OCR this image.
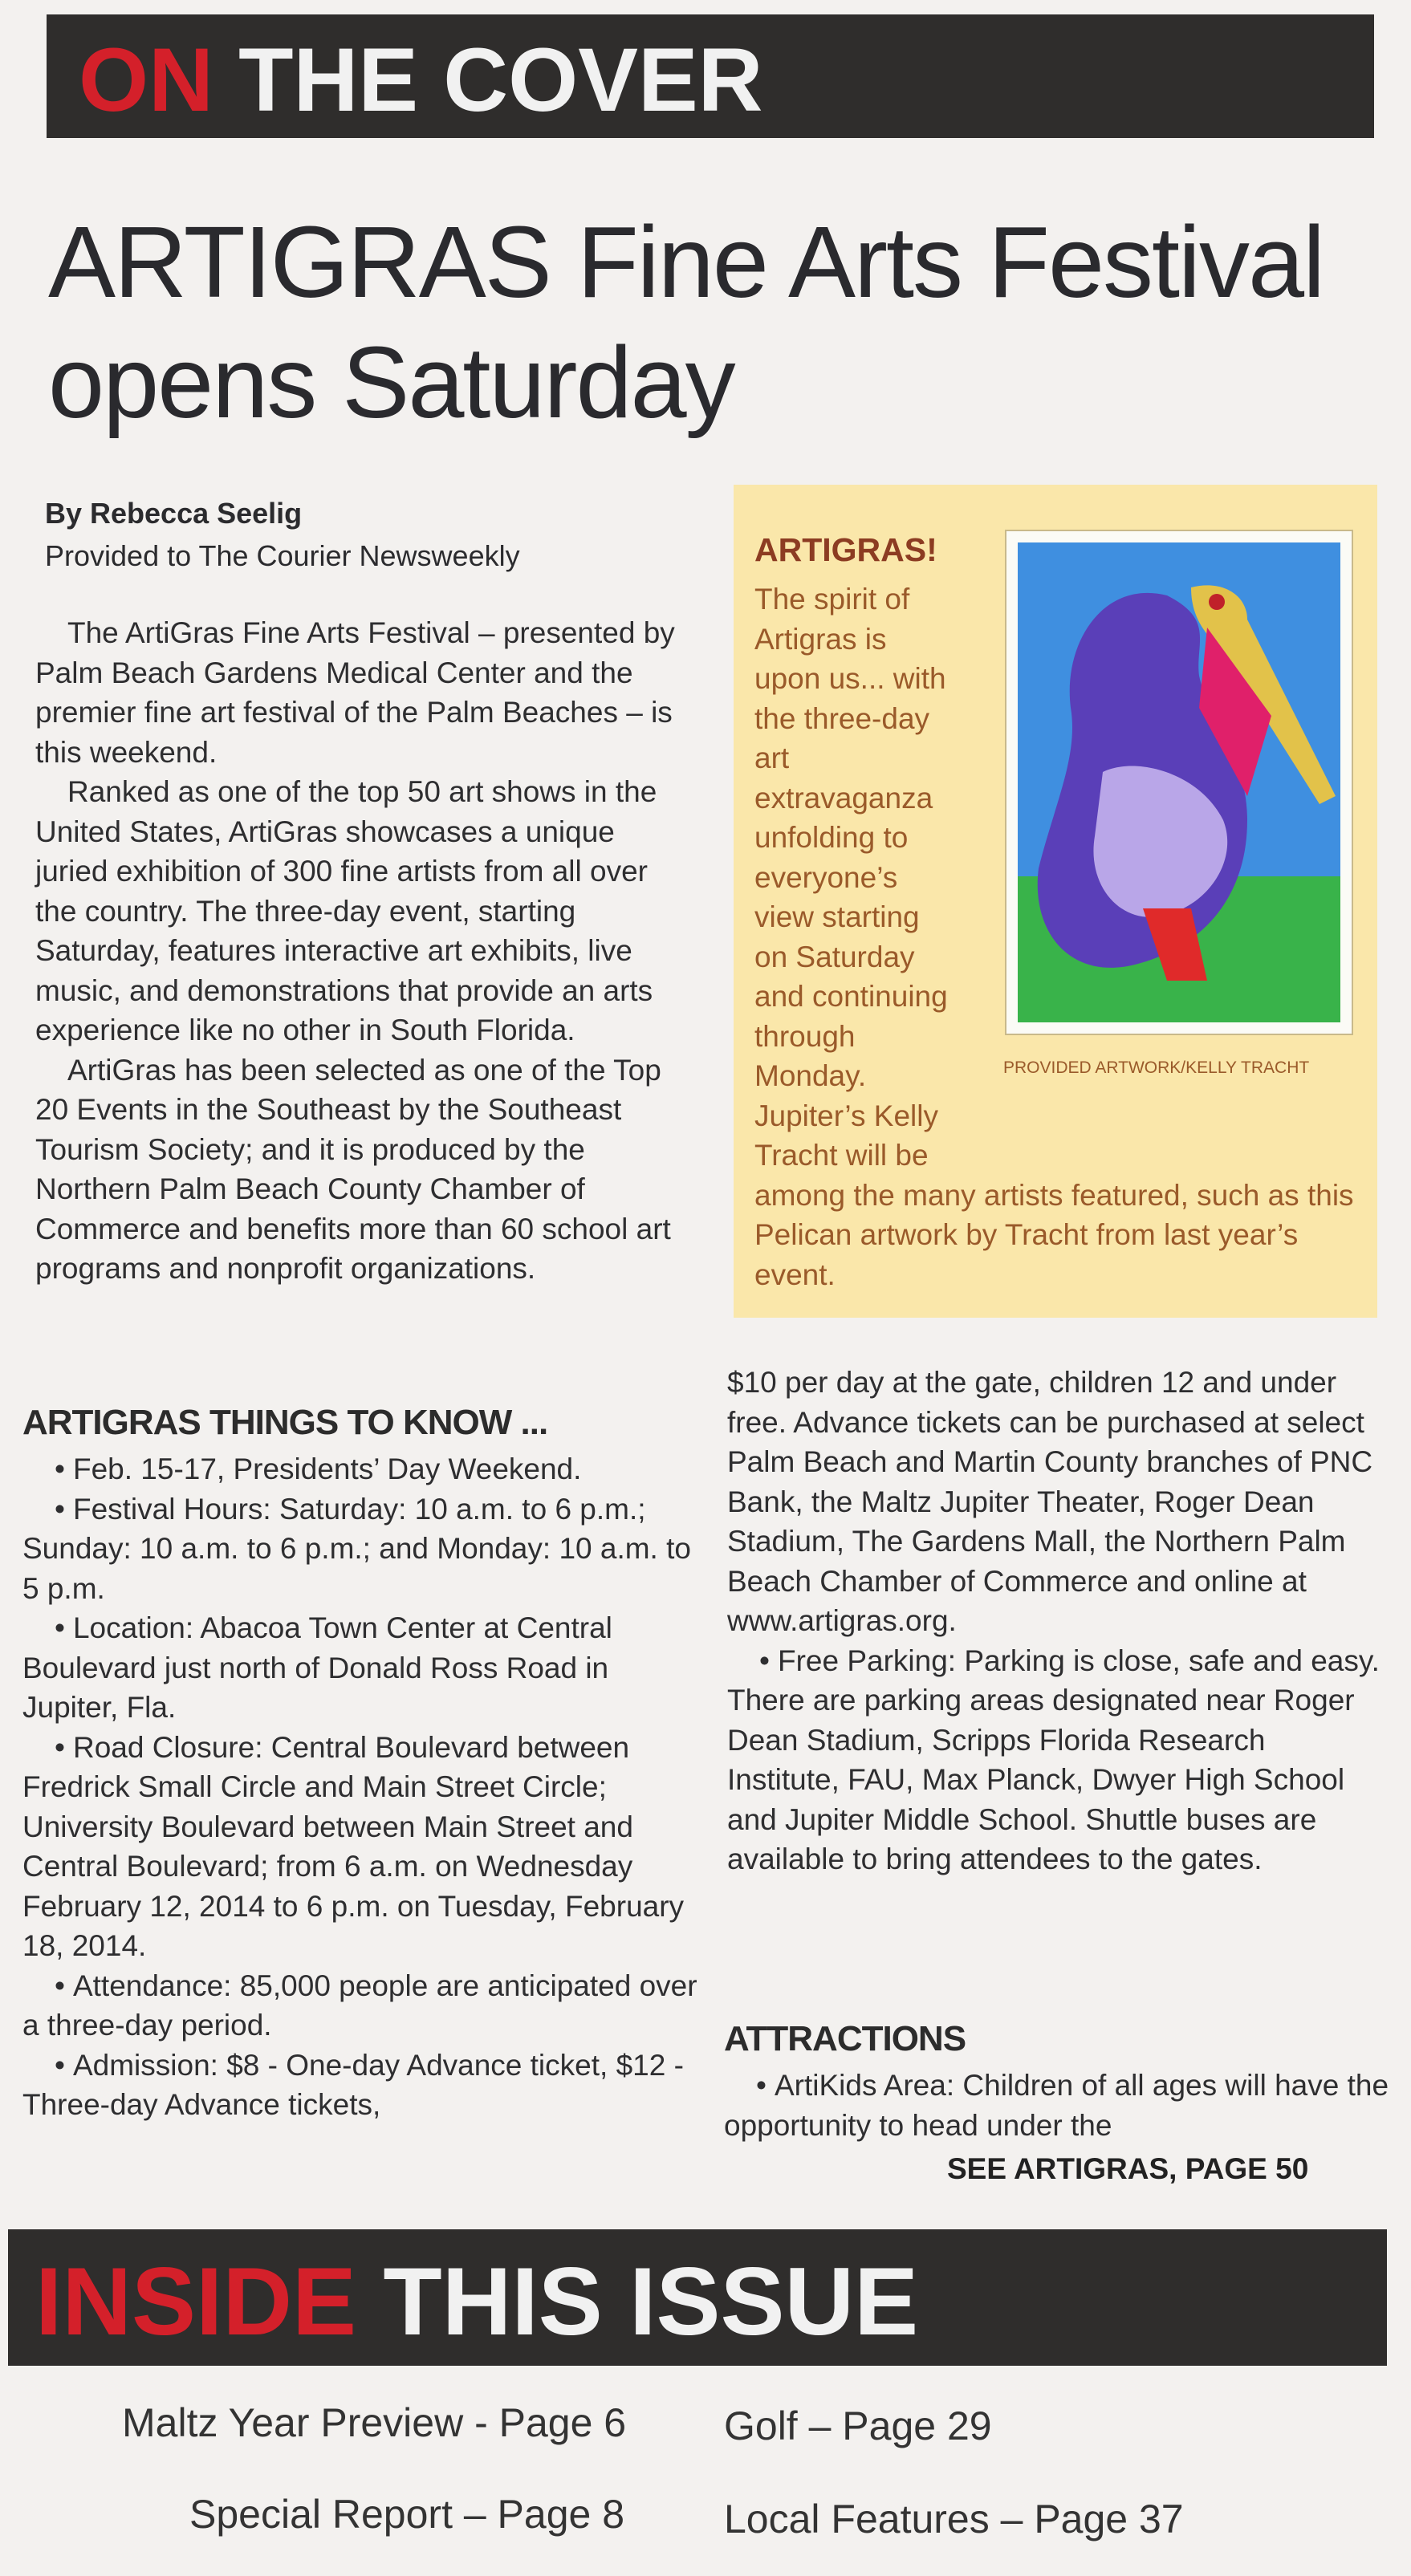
ON THE COVER
ARTIGRAS Fine Arts Festival opens Saturday
By Rebecca Seelig
Provided to The Courier Newsweekly

The ArtiGras Fine Arts Festival – presented by Palm Beach Gardens Medical Center and the premier fine art festival of the Palm Beaches – is this weekend.

Ranked as one of the top 50 art shows in the United States, ArtiGras showcases a unique juried exhibition of 300 fine artists from all over the country. The three-day event, starting Saturday, features interactive art exhibits, live music, and demonstrations that provide an arts experience like no other in South Florida.

ArtiGras has been selected as one of the Top 20 Events in the Southeast by the Southeast Tourism Society; and it is produced by the Northern Palm Beach County Chamber of Commerce and benefits more than 60 school art programs and nonprofit organizations.

ARTIGRAS!
The spirit of Artigras is upon us... with the three-day art extravaganza unfolding to everyone’s view starting on Saturday and continuing through Monday. Jupiter’s Kelly Tracht will be
among the many artists featured, such as this Pelican artwork by Tracht from last year’s event.
PROVIDED ARTWORK/KELLY TRACHT
ARTIGRAS THINGS TO KNOW ...

• Feb. 15-17, Presidents’ Day Weekend.

• Festival Hours: Saturday: 10 a.m. to 6 p.m.; Sunday: 10 a.m. to 6 p.m.; and Monday: 10 a.m. to 5 p.m.

• Location: Abacoa Town Center at Central Boulevard just north of Donald Ross Road in Jupiter, Fla.

• Road Closure: Central Boulevard between Fredrick Small Circle and Main Street Circle; University Boulevard between Main Street and Central Boulevard; from 6 a.m. on Wednesday February 12, 2014 to 6 p.m. on Tuesday, February 18, 2014.

• Attendance: 85,000 people are anticipated over a three-day period.

• Admission: $8 - One-day Advance ticket, $12 - Three-day Advance tickets,

$10 per day at the gate, children 12 and under free. Advance tickets can be purchased at select Palm Beach and Martin County branches of PNC Bank, the Maltz Jupiter Theater, Roger Dean Stadium, The Gardens Mall, the Northern Palm Beach Chamber of Commerce and online at www.artigras.org.

• Free Parking: Parking is close, safe and easy. There are parking areas designated near Roger Dean Stadium, Scripps Florida Research Institute, FAU, Max Planck, Dwyer High School and Jupiter Middle School. Shuttle buses are available to bring attendees to the gates.

ATTRACTIONS

• ArtiKids Area: Children of all ages will have the opportunity to head under the

SEE ARTIGRAS, PAGE 50
INSIDE THIS ISSUE
Maltz Year Preview - Page 6
Special Report – Page 8
Golf – Page 29
Local Features – Page 37
